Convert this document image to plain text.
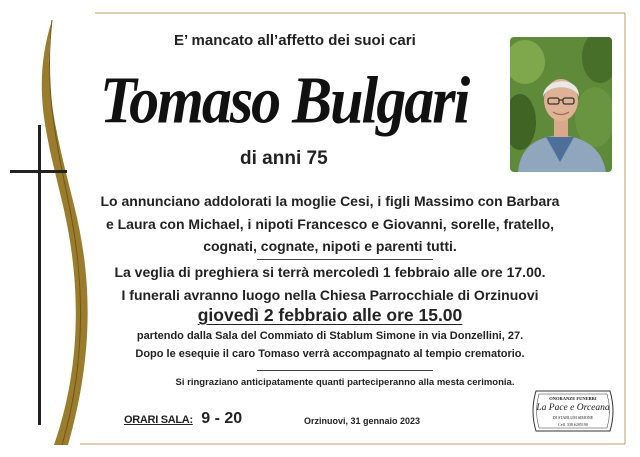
E’ mancato all’affetto dei suoi cari
Tomaso Bulgari
di anni 75
Lo annunciano addolorati la moglie Cesi, i figli Massimo con Barbara
e Laura con Michael, i nipoti Francesco e Giovanni, sorelle, fratello,
cognati, cognate, nipoti e parenti tutti.
La veglia di preghiera si terrà mercoledì 1 febbraio alle ore 17.00.
I funerali avranno luogo nella Chiesa Parrocchiale di Orzinuovi
giovedì 2 febbraio alle ore 15.00
partendo dalla Sala del Commiato di Stablum Simone in via Donzellini, 27.
Dopo le esequie il caro Tomaso verrà accompagnato al tempio crematorio.
Si ringraziano anticipatamente quanti parteciperanno alla mesta cerimonia.
ORARI SALA: 9 - 20	Orzinuovi, 31 gennaio 2023
ONORANZE FUNEBRI
La Pace e Orceana
DI STABLUM SIMONE
Cell. 338 6205190
